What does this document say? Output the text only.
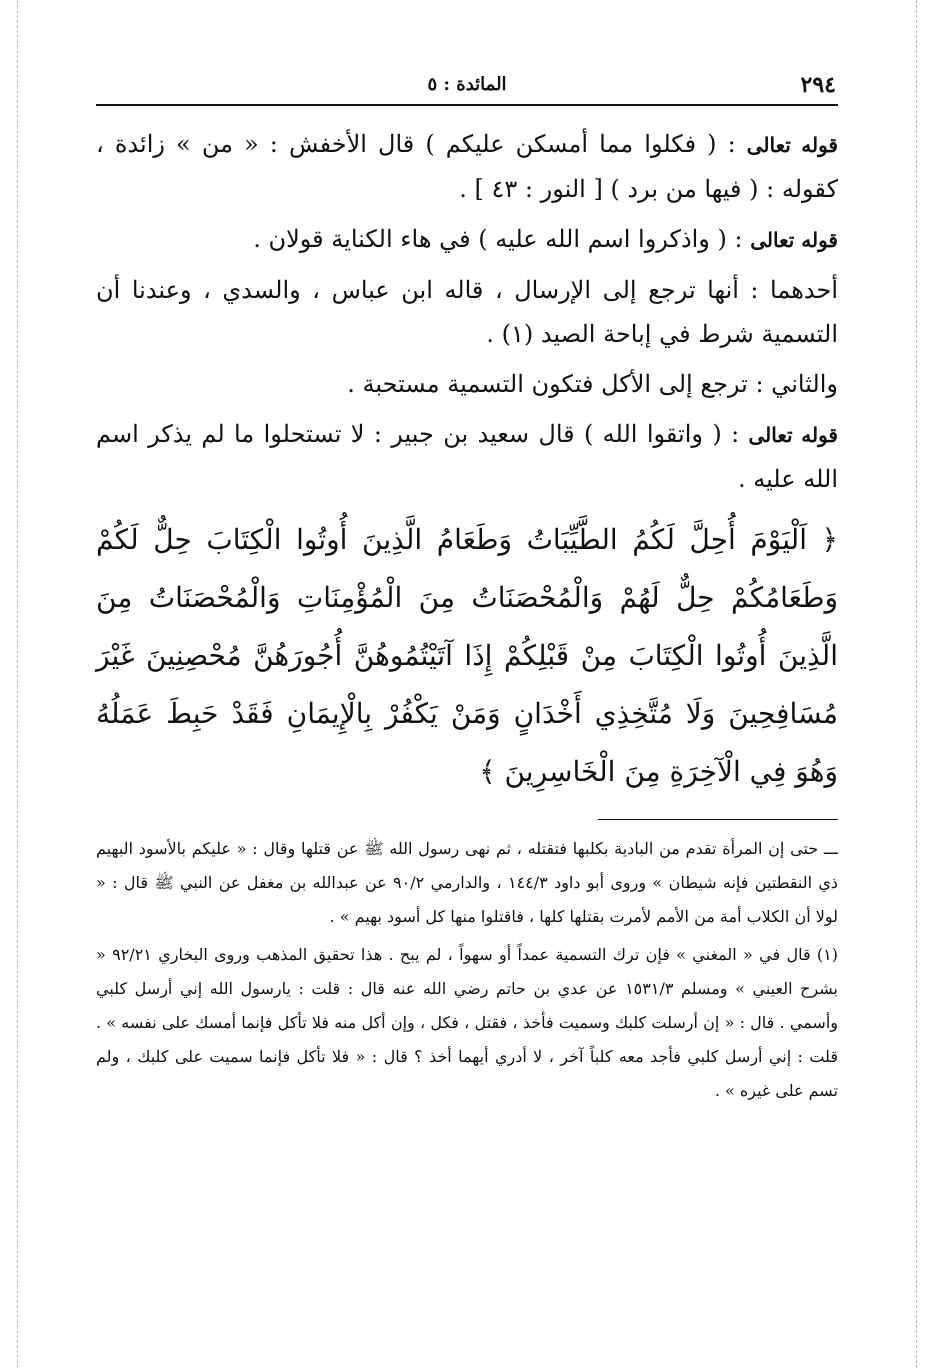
٢٩٤
المائدة : ٥

قوله تعالى : ( فكلوا مما أمسكن عليكم ) قال الأخفش : « من » زائدة ، كقوله : ( فيها من برد ) [ النور : ٤٣ ] .

قوله تعالى : ( واذكروا اسم الله عليه ) في هاء الكناية قولان .

أحدهما : أنها ترجع إلى الإرسال ، قاله ابن عباس ، والسدي ، وعندنا أن التسمية شرط في إباحة الصيد (١) .

والثاني : ترجع إلى الأكل فتكون التسمية مستحبة .

قوله تعالى : ( واتقوا الله ) قال سعيد بن جبير : لا تستحلوا ما لم يذكر اسم الله عليه .

﴿ اَلْيَوْمَ أُحِلَّ لَكُمُ الطَّيِّبَاتُ وَطَعَامُ الَّذِينَ أُوتُوا الْكِتَابَ حِلٌّ لَكُمْ وَطَعَامُكُمْ حِلٌّ لَهُمْ وَالْمُحْصَنَاتُ مِنَ الْمُؤْمِنَاتِ وَالْمُحْصَنَاتُ مِنَ الَّذِينَ أُوتُوا الْكِتَابَ مِنْ قَبْلِكُمْ إِذَا آتَيْتُمُوهُنَّ أُجُورَهُنَّ مُحْصِنِينَ غَيْرَ مُسَافِحِينَ وَلَا مُتَّخِذِي أَخْدَانٍ وَمَنْ يَكْفُرْ بِالْإِيمَانِ فَقَدْ حَبِطَ عَمَلُهُ وَهُوَ فِي الْآخِرَةِ مِنَ الْخَاسِرِينَ ﴾

ـــ حتى إن المرأة تقدم من البادية بكلبها فتقتله ، ثم نهى رسول الله ﷺ عن قتلها وقال : « عليكم بالأسود البهيم ذي النقطتين فإنه شيطان » وروى أبو داود ١٤٤/٣ ، والدارمي ٩٠/٢ عن عبدالله بن مغفل عن النبي ﷺ قال : « لولا أن الكلاب أمة من الأمم لأمرت بقتلها كلها ، فاقتلوا منها كل أسود بهيم » .

(١) قال في « المغني » فإن ترك التسمية عمداً أو سهواً ، لم يبح . هذا تحقيق المذهب وروى البخاري ٩٢/٢١ « بشرح العيني » ومسلم ١٥٣١/٣ عن عدي بن حاتم رضي الله عنه قال : قلت : يارسول الله إني أرسل كلبي وأسمي . قال : « إن أرسلت كلبك وسميت فأخذ ، فقتل ، فكل ، وإن أكل منه فلا تأكل فإنما أمسك على نفسه » . قلت : إني أرسل كلبي فأجد معه كلباً آخر ، لا أدري أيهما أخذ ؟ قال : « فلا تأكل فإنما سميت على كلبك ، ولم تسم على غيره » .
